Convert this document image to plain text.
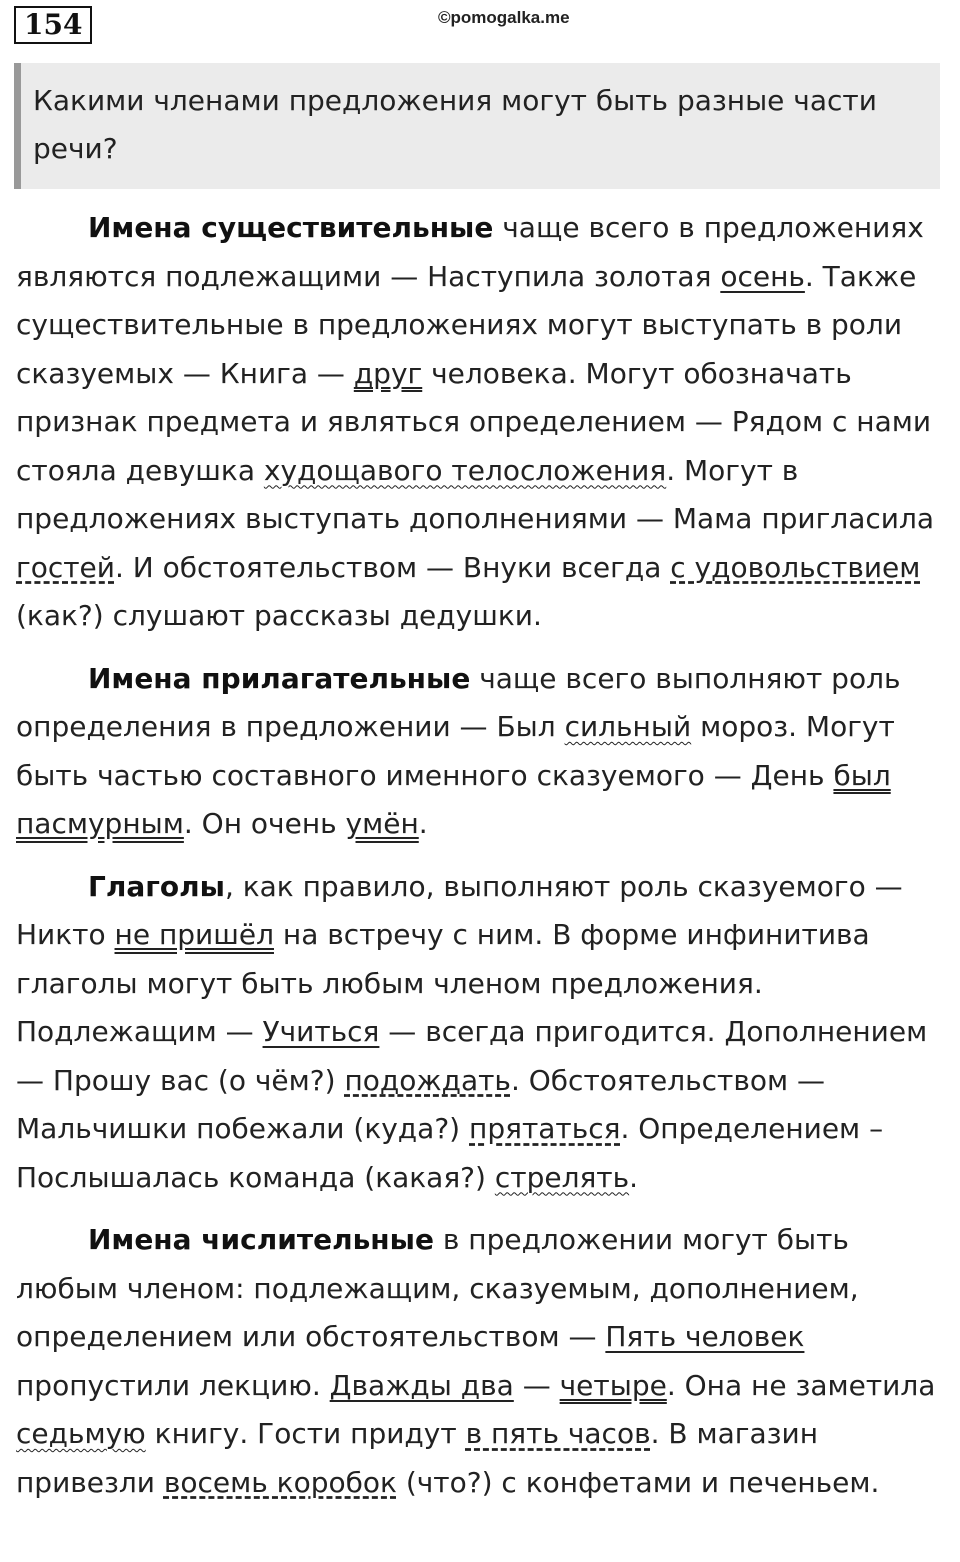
154	©pomogalka.me
Какими членами предложения могут быть разные части речи?

Имена существительные чаще всего в предложениях являются подлежащими — Наступила золотая осень. Также существительные в предложениях могут выступать в роли сказуемых — Книга — друг человека. Могут обозначать признак предмета и являться определением — Рядом с нами стояла девушка худощавого телосложения. Могут в предложениях выступать дополнениями — Мама пригласила гостей. И обстоятельством — Внуки всегда с удовольствием (как?) слушают рассказы дедушки.

Имена прилагательные чаще всего выполняют роль определения в предложении — Был сильный мороз. Могут быть частью составного именного сказуемого — День был пасмурным. Он очень умён.

Глаголы, как правило, выполняют роль сказуемого — Никто не пришёл на встречу с ним. В форме инфинитива глаголы могут быть любым членом предложения. Подлежащим — Учиться — всегда пригодится. Дополнением — Прошу вас (о чём?) подождать. Обстоятельством —Мальчишки побежали (куда?) прятаться. Определением – Послышалась команда (какая?) стрелять.

Имена числительные в предложении могут быть любым членом: подлежащим, сказуемым, дополнением, определением или обстоятельством — Пять человек пропустили лекцию. Дважды два — четыре. Она не заметила седьмую книгу. Гости придут в пять часов. В магазин привезли восемь коробок (что?) с конфетами и печеньем.
